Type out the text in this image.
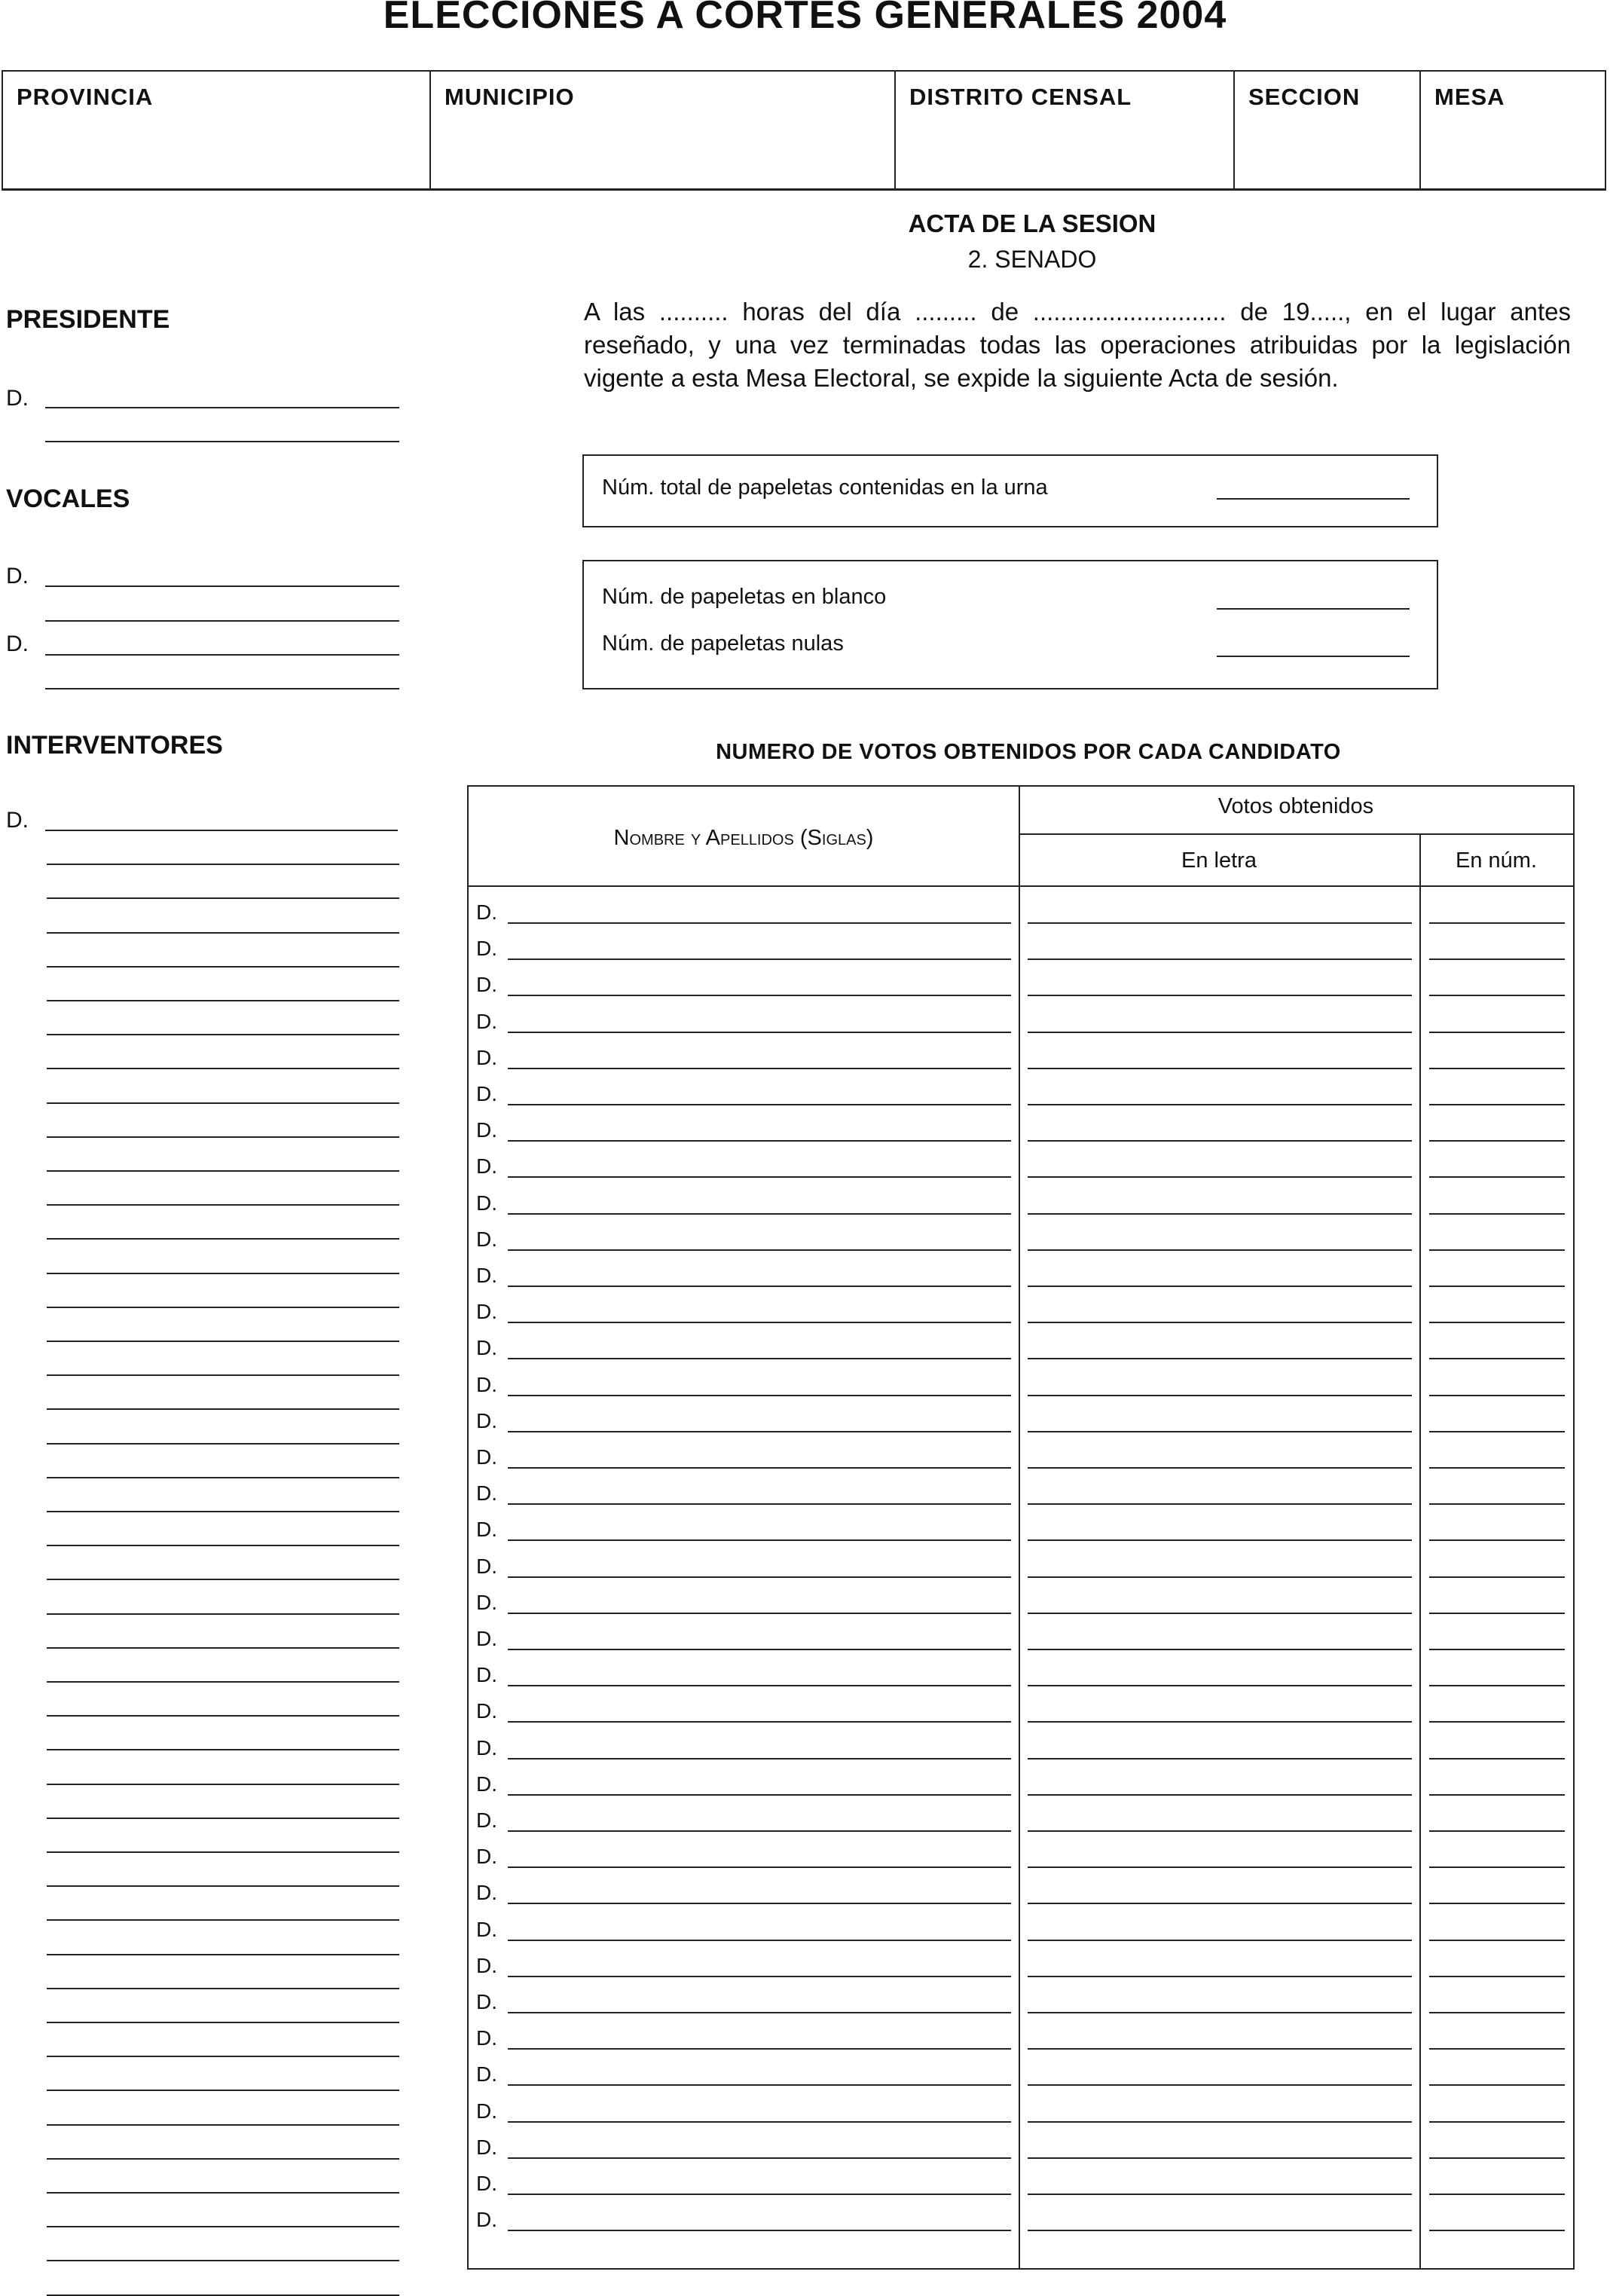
ELECCIONES A CORTES GENERALES 2004
PROVINCIA	MUNICIPIO	DISTRITO CENSAL	SECCION	MESA
ACTA DE LA SESION
2. SENADO
PRESIDENTE
D.
VOCALES
D.
D.
INTERVENTORES
D.
A las .......... horas del día ......... de ............................ de 19....., en el lugar antes reseñado, y una vez terminadas todas las operaciones atribuidas por la legislación vigente a esta Mesa Electoral, se expide la siguiente Acta de sesión.
Núm. total de papeletas contenidas en la urna
Núm. de papeletas en blanco
Núm. de papeletas nulas
NUMERO DE VOTOS OBTENIDOS POR CADA CANDIDATO
Nombre y Apellidos (Siglas)
Votos obtenidos
En letra	En núm.
D.
D.
D.
D.
D.
D.
D.
D.
D.
D.
D.
D.
D.
D.
D.
D.
D.
D.
D.
D.
D.
D.
D.
D.
D.
D.
D.
D.
D.
D.
D.
D.
D.
D.
D.
D.
D.
